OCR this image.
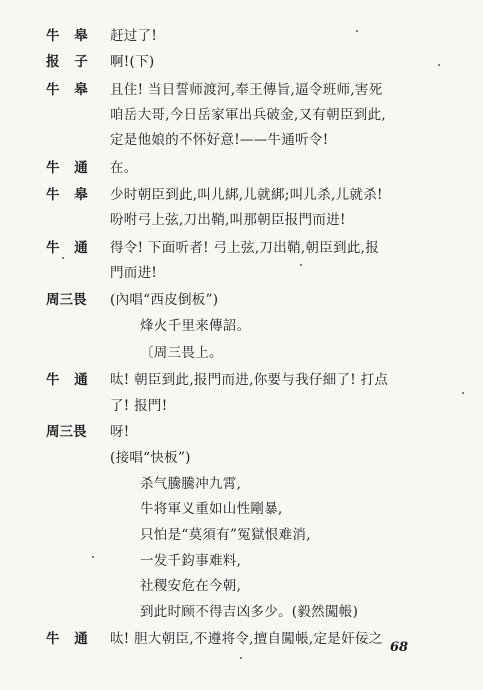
牛 皋	赶过了!
报 子	啊!(下)
牛 皋	且住! 当日誓师渡河,奉王傳旨,逼令班师,害死
咱岳大哥,今日岳家軍出兵破金,又有朝臣到此,
定是他娘的不怀好意!——牛通听令!
牛 通	在。
牛 皋	少时朝臣到此,叫儿綁,儿就綁;叫儿杀,儿就杀!
吩咐弓上弦,刀出鞘,叫那朝臣报門而进!
牛 通	得令! 下面听者! 弓上弦,刀出鞘,朝臣到此,报
門而进!
周三畏	(內唱“西皮倒板”)
烽火千里来傳詔。
〔周三畏上。
牛 通	呔! 朝臣到此,报門而进,你要与我仔細了! 打点
了! 报門!
周三畏	呀!
(接唱“快板”)
杀气騰騰冲九霄,
牛将軍义重如山性剛暴,
只怕是“莫須有”冤獄恨难消,
一发千鈞事难料,
社稷安危在今朝,
到此时顾不得吉凶多少。(毅然闖帳)
牛 通	呔! 胆大朝臣,不遵将令,擅自闖帳,定是奸佞之
68
